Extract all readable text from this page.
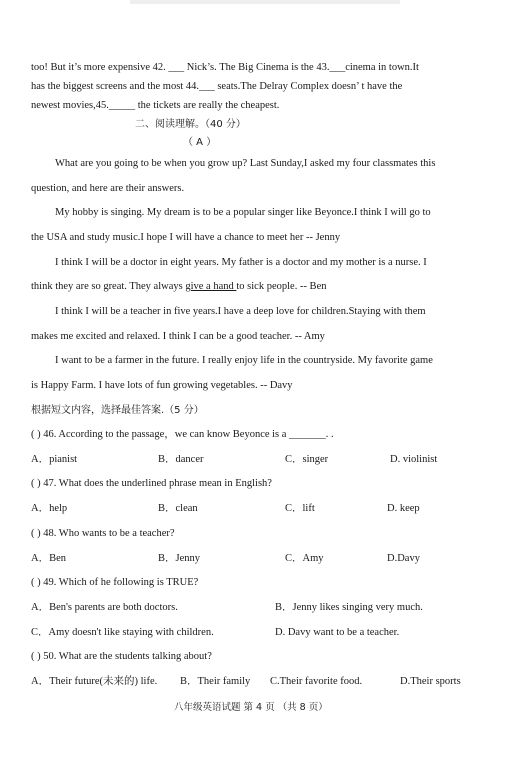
too! But it’s more expensive 42. ___ Nick’s. The Big Cinema is the 43.___cinema in town.It
has the biggest screens and the most 44.___ seats.The Delray Complex doesn’ t have the
newest movies,45._____ the tickets are really the cheapest.
二、阅读理解。（40 分）
（ A ）
What are you going to be when you grow up? Last Sunday,I asked my four classmates this
question, and here are their answers.
My hobby is singing. My dream is to be a popular singer like Beyonce.I think I will go to
the USA and study music.I hope I will have a chance to meet her -- Jenny
I think I will be a doctor in eight years. My father is a doctor and my mother is a nurse. I
think they are so great. They always give a hand to sick people. -- Ben
I think I will be a teacher in five years.I have a deep love for children.Staying with them
makes me excited and relaxed. I think I can be a good teacher. -- Amy
I want to be a farmer in the future. I really enjoy life in the countryside. My favorite game
is Happy Farm. I have lots of fun growing vegetables. -- Davy
根据短文内容，选择最佳答案.（5 分）
( ) 46. According to the passage，we can know Beyonce is a _______. .
A．pianist	B．dancer	C．singer	D. violinist
( ) 47. What does the underlined phrase mean in English?
A．help	B．clean	C．lift	D. keep
( ) 48. Who wants to be a teacher?
A．Ben	B．Jenny	C．Amy	D.Davy
( ) 49. Which of he following is TRUE?
A．Ben's parents are both doctors.	B．Jenny likes singing very much.
C．Amy doesn't like staying with children.	D. Davy want to be a teacher.
( ) 50. What are the students talking about?
A．Their future(未来的) life. B．Their family C.Their favorite food.	D.Their sports
八年级英语试题 第 4 页 （共 8 页）
